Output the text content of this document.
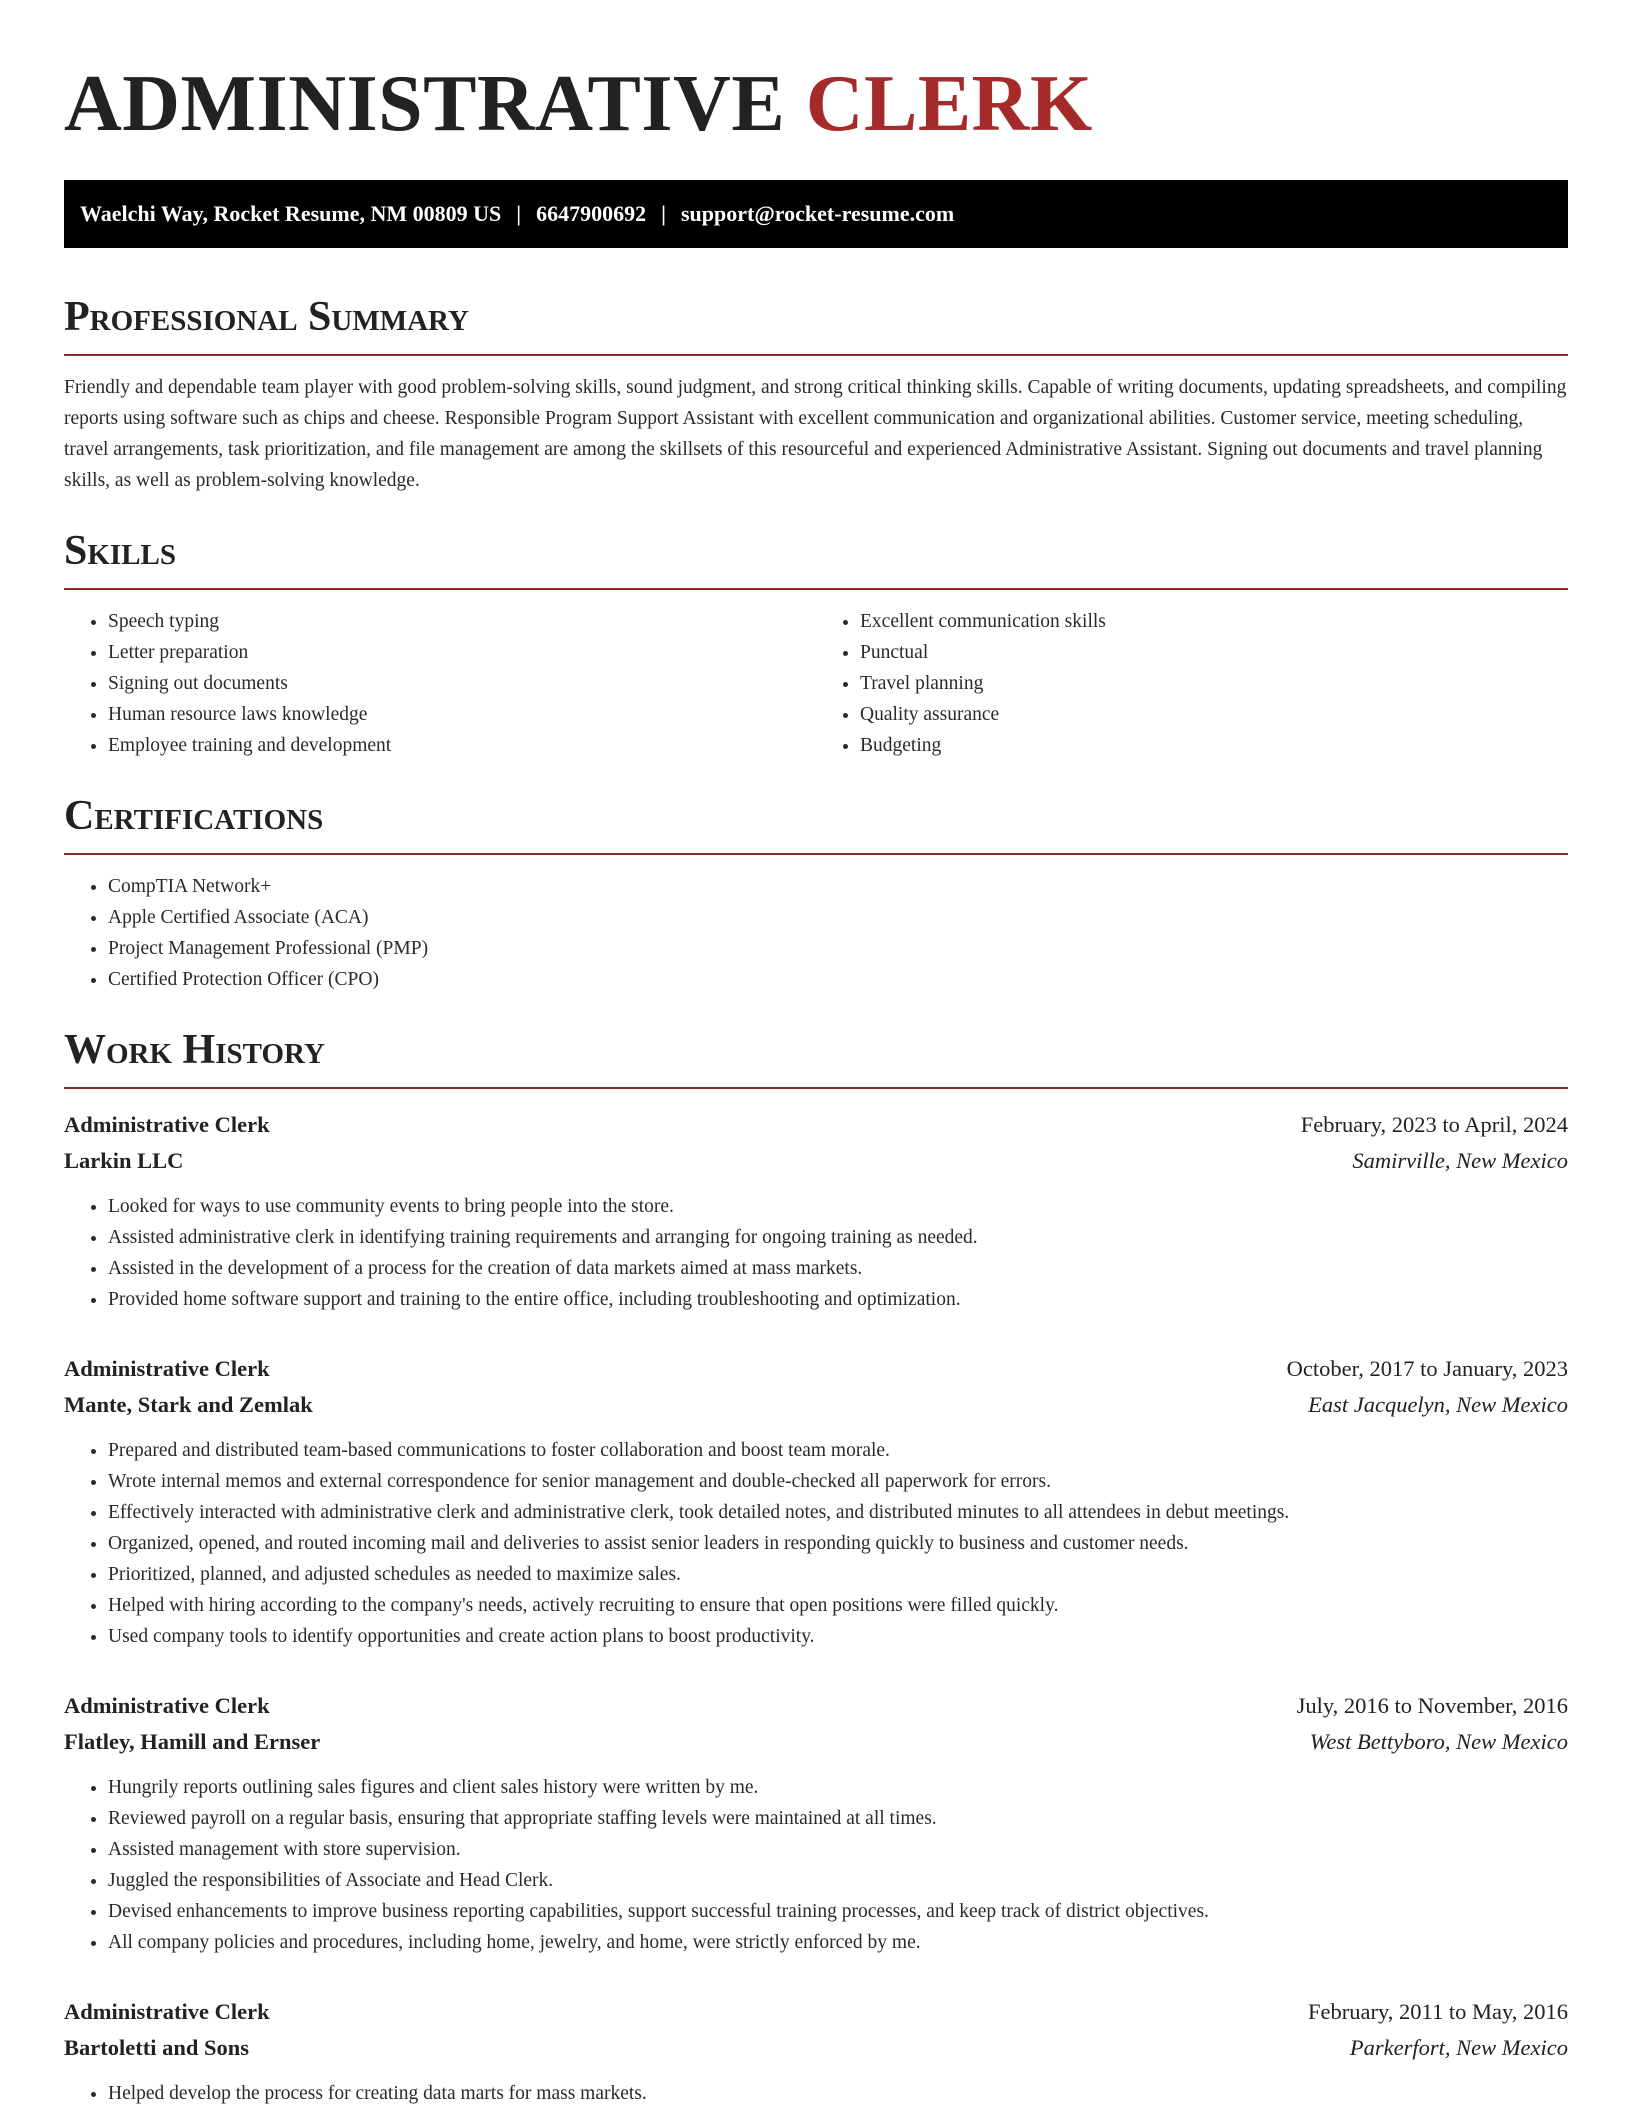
ADMINISTRATIVE CLERK
Waelchi Way, Rocket Resume, NM 00809 US | 6647900692 | support@rocket-resume.com
Professional Summary

Friendly and dependable team player with good problem-solving skills, sound judgment, and strong critical thinking skills. Capable of writing documents, updating spreadsheets, and compiling reports using software such as chips and cheese. Responsible Program Support Assistant with excellent communication and organizational abilities. Customer service, meeting scheduling, travel arrangements, task prioritization, and file management are among the skillsets of this resourceful and experienced Administrative Assistant. Signing out documents and travel planning skills, as well as problem-solving knowledge.

Skills
• Speech typing
• Letter preparation
• Signing out documents
• Human resource laws knowledge
• Employee training and development
• Excellent communication skills
• Punctual
• Travel planning
• Quality assurance
• Budgeting
Certifications
• CompTIA Network+
• Apple Certified Associate (ACA)
• Project Management Professional (PMP)
• Certified Protection Officer (CPO)
Work History
Administrative Clerk	February, 2023 to April, 2024
Larkin LLC	Samirville, New Mexico
• Looked for ways to use community events to bring people into the store.
• Assisted administrative clerk in identifying training requirements and arranging for ongoing training as needed.
• Assisted in the development of a process for the creation of data markets aimed at mass markets.
• Provided home software support and training to the entire office, including troubleshooting and optimization.
Administrative Clerk	October, 2017 to January, 2023
Mante, Stark and Zemlak	East Jacquelyn, New Mexico
• Prepared and distributed team-based communications to foster collaboration and boost team morale.
• Wrote internal memos and external correspondence for senior management and double-checked all paperwork for errors.
• Effectively interacted with administrative clerk and administrative clerk, took detailed notes, and distributed minutes to all attendees in debut meetings.
• Organized, opened, and routed incoming mail and deliveries to assist senior leaders in responding quickly to business and customer needs.
• Prioritized, planned, and adjusted schedules as needed to maximize sales.
• Helped with hiring according to the company's needs, actively recruiting to ensure that open positions were filled quickly.
• Used company tools to identify opportunities and create action plans to boost productivity.
Administrative Clerk	July, 2016 to November, 2016
Flatley, Hamill and Ernser	West Bettyboro, New Mexico
• Hungrily reports outlining sales figures and client sales history were written by me.
• Reviewed payroll on a regular basis, ensuring that appropriate staffing levels were maintained at all times.
• Assisted management with store supervision.
• Juggled the responsibilities of Associate and Head Clerk.
• Devised enhancements to improve business reporting capabilities, support successful training processes, and keep track of district objectives.
• All company policies and procedures, including home, jewelry, and home, were strictly enforced by me.
Administrative Clerk	February, 2011 to May, 2016
Bartoletti and Sons	Parkerfort, New Mexico
• Helped develop the process for creating data marts for mass markets.
